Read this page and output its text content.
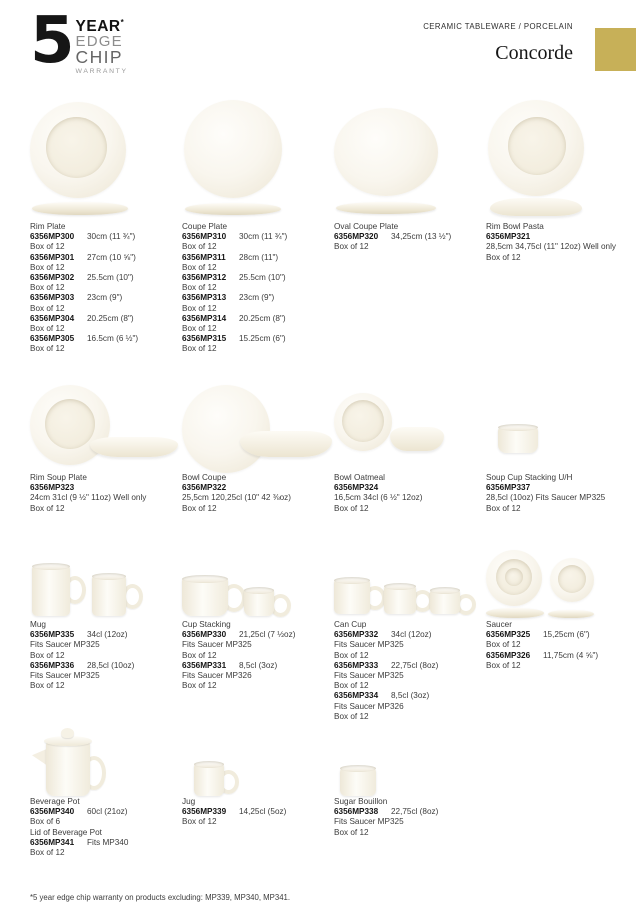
5 YEAR*
EDGE
CHIP
WARRANTY
CERAMIC TABLEWARE / PORCELAIN
Concorde
Rim Plate
6356MP300 30cm (11 ¾")
Box of 12
6356MP301 27cm (10 ⅝")
Box of 12
6356MP302 25.5cm (10")
Box of 12
6356MP303 23cm (9")
Box of 12
6356MP304 20.25cm (8")
Box of 12
6356MP305 16.5cm (6 ½")
Box of 12
Coupe Plate
6356MP310 30cm (11 ¾")
Box of 12
6356MP311 28cm (11")
Box of 12
6356MP312 25.5cm (10")
Box of 12
6356MP313 23cm (9")
Box of 12
6356MP314 20.25cm (8")
Box of 12
6356MP315 15.25cm (6")
Box of 12
Oval Coupe Plate
6356MP320 34,25cm (13 ½")
Box of 12
Rim Bowl Pasta
6356MP321
28,5cm 34,75cl (11" 12oz) Well only
Box of 12
Rim Soup Plate
6356MP323
24cm 31cl (9 ½" 11oz) Well only
Box of 12
Bowl Coupe
6356MP322
25,5cm 120,25cl (10" 42 ⅜oz)
Box of 12
Bowl Oatmeal
6356MP324
16,5cm 34cl (6 ½" 12oz)
Box of 12
Soup Cup Stacking U/H
6356MP337
28,5cl (10oz) Fits Saucer MP325
Box of 12
Mug
6356MP335 34cl (12oz)
Fits Saucer MP325
Box of 12
6356MP336 28,5cl (10oz)
Fits Saucer MP325
Box of 12
Cup Stacking
6356MP330 21,25cl (7 ½oz)
Fits Saucer MP325
Box of 12
6356MP331 8,5cl (3oz)
Fits Saucer MP326
Box of 12
Can Cup
6356MP332 34cl (12oz)
Fits Saucer MP325
Box of 12
6356MP333 22,75cl (8oz)
Fits Saucer MP325
Box of 12
6356MP334 8,5cl (3oz)
Fits Saucer MP326
Box of 12
Saucer
6356MP325 15,25cm (6")
Box of 12
6356MP326 11,75cm (4 ⅝")
Box of 12
Beverage Pot
6356MP340 60cl (21oz)
Box of 6
Lid of Beverage Pot
6356MP341 Fits MP340
Box of 12
Jug
6356MP339 14,25cl (5oz)
Box of 12
Sugar Bouillon
6356MP338 22,75cl (8oz)
Fits Saucer MP325
Box of 12
*5 year edge chip warranty on products excluding: MP339, MP340, MP341.
